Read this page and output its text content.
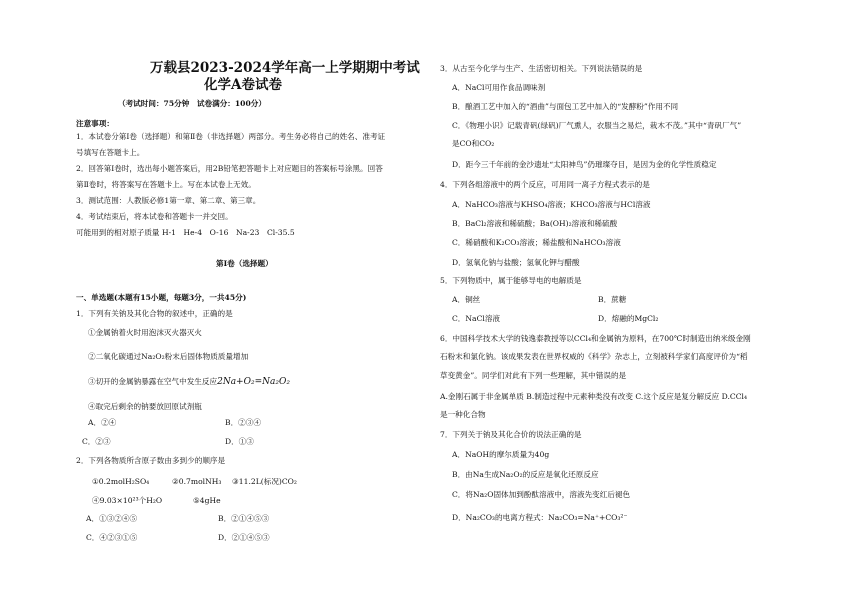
万载县2023-2024学年高一上学期期中考试
化学A卷试卷
（考试时间：75分钟　试卷满分：100分）
注意事项：
1．本试卷分第Ⅰ卷（选择题）和第Ⅱ卷（非选择题）两部分。考生务必将自己的姓名、准考证
号填写在答题卡上。
2．回答第Ⅰ卷时，选出每小题答案后，用2B铅笔把答题卡上对应题目的答案标号涂黑。回答
第Ⅱ卷时，将答案写在答题卡上。写在本试卷上无效。
3．测试范围：人教版必修1第一章、第二章、第三章。
4．考试结束后，将本试卷和答题卡一并交回。
可能用到的相对原子质量 H-1　He-4　O-16　Na-23　Cl-35.5
第Ⅰ卷（选择题）
一、单选题(本题有15小题，每题3分，一共45分)
1．下列有关钠及其化合物的叙述中，正确的是
①金属钠着火时用泡沫灭火器灭火
②二氧化碳通过Na₂O₂粉末后固体物质质量增加
③切开的金属钠暴露在空气中发生反应2Na+O₂=Na₂O₂
④取完后剩余的钠要放回原试剂瓶
A．②④	B．②③④
C．②③	D．①③
2．下列各物质所含原子数由多到少的顺序是
①0.2molH₂SO₄	②0.7molNH₃ ③11.2L(标况)CO₂
④9.03×10²³个H₂O	⑤4gHe
A．①③②④⑤	B．②①④⑤③
C．④②③①⑤	D．②①④⑤③
3．从古至今化学与生产、生活密切相关。下列说法错误的是
A．NaCl可用作食品调味剂
B．酿酒工艺中加入的“酒曲”与面包工艺中加入的“发酵粉”作用不同
C．《物理小识》记载青矾(绿矾)厂气熏人，衣服当之易烂，栽木不茂。”其中“青矾厂气”
是CO和CO₂
D．距今三千年前的金沙遗址“太阳神鸟”仍璀璨夺目，是因为金的化学性质稳定
4．下列各组溶液中的两个反应，可用同一离子方程式表示的是
A．NaHCO₃溶液与KHSO₄溶液；KHCO₃溶液与HCl溶液
B．BaCl₂溶液和稀硫酸；Ba(OH)₂溶液和稀硫酸
C．稀硝酸和K₂CO₃溶液；稀盐酸和NaHCO₃溶液
D．氢氧化钠与盐酸；氢氧化钾与醋酸
5．下列物质中，属于能够导电的电解质是
A．铜丝	B．蔗糖
C．NaCl溶液	D．熔融的MgCl₂
6．中国科学技术大学的钱逸泰教授等以CCl₄和金属钠为原料，在700℃时制造出纳米级金刚
石粉末和氯化钠。该成果发表在世界权威的《科学》杂志上，立刻被科学家们高度评价为“稻
草变黄金”。同学们对此有下列一些理解，其中错误的是
A.金刚石属于非金属单质 B.制造过程中元素种类没有改变 C.这个反应是复分解反应 D.CCl₄
是一种化合物
7．下列关于钠及其化合价的说法正确的是
A．NaOH的摩尔质量为40g
B．由Na生成Na₂O₂的反应是氧化还原反应
C．将Na₂O固体加到酚酞溶液中，溶液先变红后褪色
D．Na₂CO₃的电离方程式：Na₂CO₃=Na⁺+CO₃²⁻
